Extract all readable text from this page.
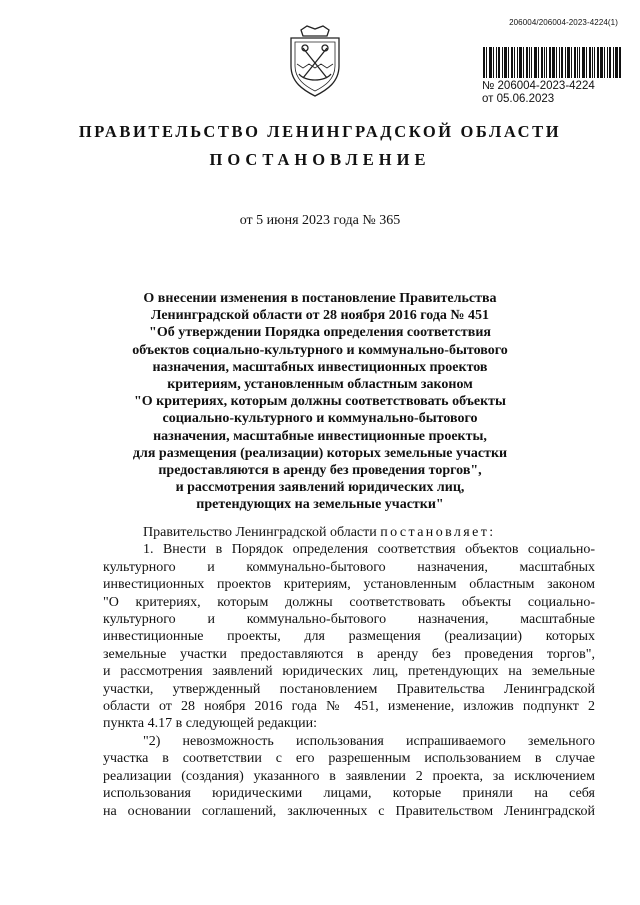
206004/206004-2023-4224(1)
№ 206004-2023-4224
от 05.06.2023
ПРАВИТЕЛЬСТВО ЛЕНИНГРАДСКОЙ ОБЛАСТИ
ПОСТАНОВЛЕНИЕ
от 5 июня 2023 года № 365
О внесении изменения в постановление Правительства
Ленинградской области от 28 ноября 2016 года № 451
"Об утверждении Порядка определения соответствия
объектов социально-культурного и коммунально-бытового
назначения, масштабных инвестиционных проектов
критериям, установленным областным законом
"О критериях, которым должны соответствовать объекты
социально-культурного и коммунально-бытового
назначения, масштабные инвестиционные проекты,
для размещения (реализации) которых земельные участки
предоставляются в аренду без проведения торгов",
и рассмотрения заявлений юридических лиц,
претендующих на земельные участки"
Правительство Ленинградской области постановляет:
1. Внести в Порядок определения соответствия объектов социально-
культурного и коммунально-бытового назначения, масштабных
инвестиционных проектов критериям, установленным областным законом
"О критериях, которым должны соответствовать объекты социально-
культурного и коммунально-бытового назначения, масштабные
инвестиционные проекты, для размещения (реализации) которых
земельные участки предоставляются в аренду без проведения торгов",
и рассмотрения заявлений юридических лиц, претендующих на земельные
участки, утвержденный постановлением Правительства Ленинградской
области от 28 ноября 2016 года № 451, изменение, изложив подпункт 2
пункта 4.17 в следующей редакции:
"2) невозможность использования испрашиваемого земельного
участка в соответствии с его разрешенным использованием в случае
реализации (создания) указанного в заявлении 2 проекта, за исключением
использования юридическими лицами, которые приняли на себя
на основании соглашений, заключенных с Правительством Ленинградской
